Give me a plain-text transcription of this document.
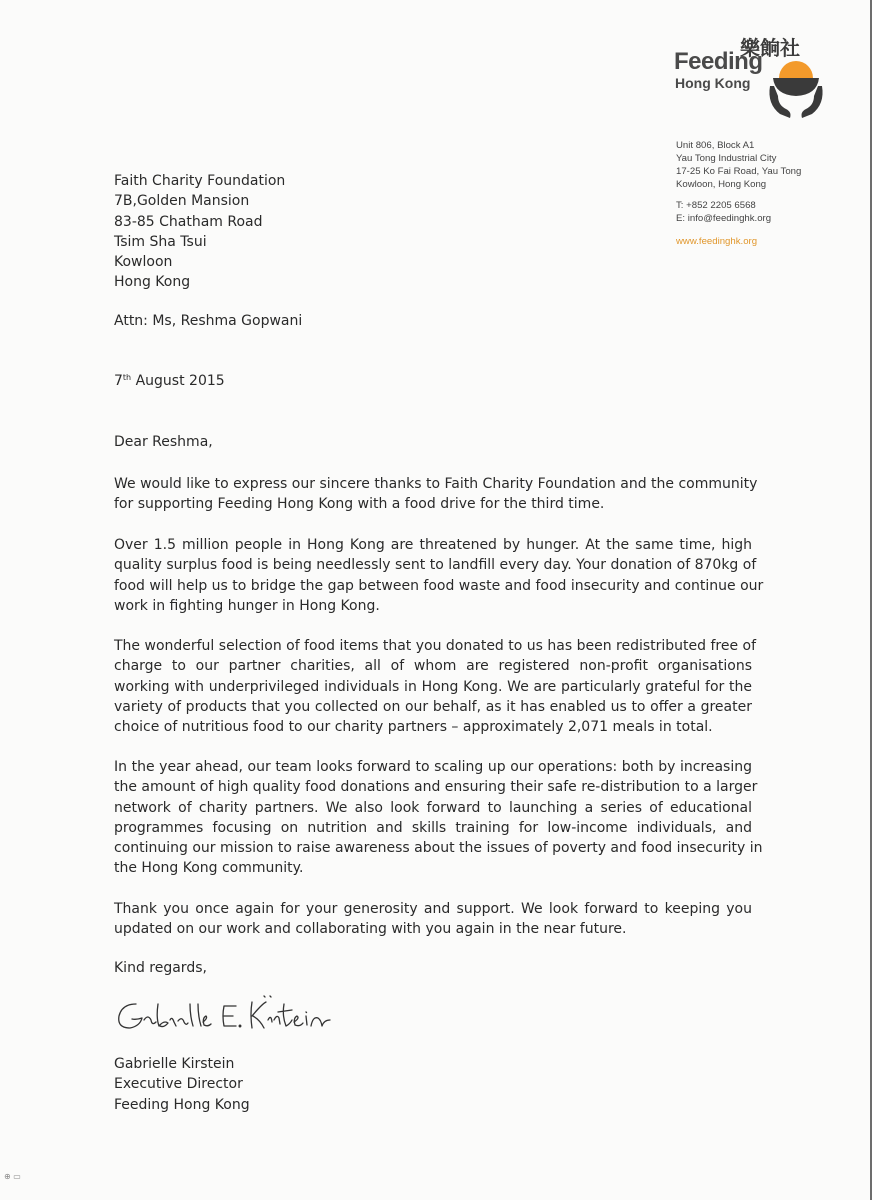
樂餉社
Feeding
Hong Kong
Unit 806, Block A1
Yau Tong Industrial City
17-25 Ko Fai Road, Yau Tong
Kowloon, Hong Kong
T: +852 2205 6568
E: info@feedinghk.org
www.feedinghk.org
Faith Charity Foundation
7B,Golden Mansion
83-85 Chatham Road
Tsim Sha Tsui
Kowloon
Hong Kong
Attn: Ms, Reshma Gopwani
7th August 2015
Dear Reshma,
We would like to express our sincere thanks to Faith Charity Foundation and the community
for supporting Feeding Hong Kong with a food drive for the third time.
Over 1.5 million people in Hong Kong are threatened by hunger. At the same time, high
quality surplus food is being needlessly sent to landfill every day. Your donation of 870kg of
food will help us to bridge the gap between food waste and food insecurity and continue our
work in fighting hunger in Hong Kong.
The wonderful selection of food items that you donated to us has been redistributed free of
charge to our partner charities, all of whom are registered non-profit organisations
working with underprivileged individuals in Hong Kong. We are particularly grateful for the
variety of products that you collected on our behalf, as it has enabled us to offer a greater
choice of nutritious food to our charity partners – approximately 2,071 meals in total.
In the year ahead, our team looks forward to scaling up our operations: both by increasing
the amount of high quality food donations and ensuring their safe re-distribution to a larger
network of charity partners. We also look forward to launching a series of educational
programmes focusing on nutrition and skills training for low-income individuals, and
continuing our mission to raise awareness about the issues of poverty and food insecurity in
the Hong Kong community.
Thank you once again for your generosity and support. We look forward to keeping you
updated on our work and collaborating with you again in the near future.
Kind regards,
Gabrielle Kirstein
Executive Director
Feeding Hong Kong
⊕ ▭
